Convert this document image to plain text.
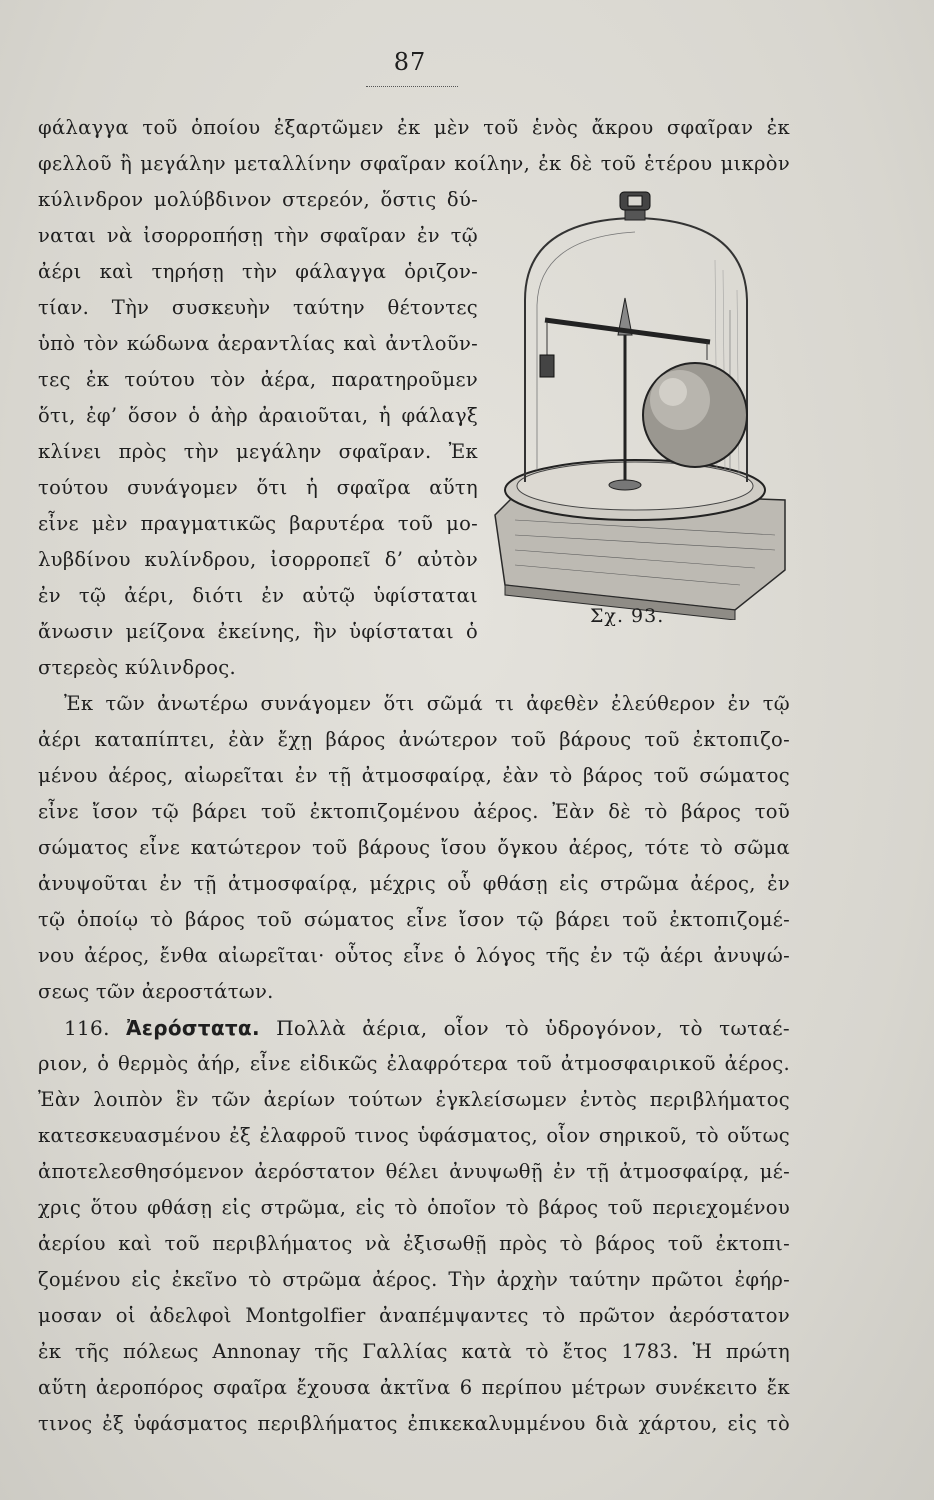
87
φάλαγγα τοῦ ὁποίου ἐξαρτῶμεν ἐκ μὲν τοῦ ἑνὸς ἄκρου σφαῖραν ἐκ
φελλοῦ ἢ μεγάλην μεταλλίνην σφαῖραν κοίλην, ἐκ δὲ τοῦ ἑτέρου μικρὸν
κύλινδρον μολύβδινον στερεόν, ὅστις δύ-
ναται νὰ ἰσορροπήσῃ τὴν σφαῖραν ἐν τῷ
ἀέρι καὶ τηρήσῃ τὴν φάλαγγα ὁριζον-
τίαν. Τὴν συσκευὴν ταύτην θέτοντες
ὑπὸ τὸν κώδωνα ἀεραντλίας καὶ ἀντλοῦν-
τες ἐκ τούτου τὸν ἀέρα, παρατηροῦμεν
ὅτι, ἐφ’ ὅσον ὁ ἀὴρ ἀραιοῦται, ἡ φάλαγξ
κλίνει πρὸς τὴν μεγάλην σφαῖραν. Ἐκ
τούτου συνάγομεν ὅτι ἡ σφαῖρα αὕτη
εἶνε μὲν πραγματικῶς βαρυτέρα τοῦ μο-
λυβδίνου κυλίνδρου, ἰσορροπεῖ δ’ αὐτὸν
ἐν τῷ ἀέρι, διότι ἐν αὐτῷ ὑφίσταται
ἄνωσιν μείζονα ἐκείνης, ἣν ὑφίσταται ὁ
στερεὸς κύλινδρος.
Σχ. 93.
Ἐκ τῶν ἀνωτέρω συνάγομεν ὅτι σῶμά τι ἀφεθὲν ἐλεύθερον ἐν τῷ
ἀέρι καταπίπτει, ἐὰν ἔχῃ βάρος ἀνώτερον τοῦ βάρους τοῦ ἐκτοπιζο-
μένου ἀέρος, αἰωρεῖται ἐν τῇ ἀτμοσφαίρᾳ, ἐὰν τὸ βάρος τοῦ σώματος
εἶνε ἴσον τῷ βάρει τοῦ ἐκτοπιζομένου ἀέρος. Ἐὰν δὲ τὸ βάρος τοῦ
σώματος εἶνε κατώτερον τοῦ βάρους ἴσου ὄγκου ἀέρος, τότε τὸ σῶμα
ἀνυψοῦται ἐν τῇ ἀτμοσφαίρᾳ, μέχρις οὗ φθάσῃ εἰς στρῶμα ἀέρος, ἐν
τῷ ὁποίῳ τὸ βάρος τοῦ σώματος εἶνε ἴσον τῷ βάρει τοῦ ἐκτοπιζομέ-
νου ἀέρος, ἔνθα αἰωρεῖται· οὗτος εἶνε ὁ λόγος τῆς ἐν τῷ ἀέρι ἀνυψώ-
σεως τῶν ἀεροστάτων.
116. Ἀερόστατα. Πολλὰ ἀέρια, οἷον τὸ ὑδρογόνον, τὸ τωταέ-
ριον, ὁ θερμὸς ἀήρ, εἶνε εἰδικῶς ἐλαφρότερα τοῦ ἀτμοσφαιρικοῦ ἀέρος.
Ἐὰν λοιπὸν ἓν τῶν ἀερίων τούτων ἐγκλείσωμεν ἐντὸς περιβλήματος
κατεσκευασμένου ἐξ ἐλαφροῦ τινος ὑφάσματος, οἷον σηρικοῦ, τὸ οὕτως
ἀποτελεσθησόμενον ἀερόστατον θέλει ἀνυψωθῇ ἐν τῇ ἀτμοσφαίρᾳ, μέ-
χρις ὅτου φθάσῃ εἰς στρῶμα, εἰς τὸ ὁποῖον τὸ βάρος τοῦ περιεχομένου
ἀερίου καὶ τοῦ περιβλήματος νὰ ἐξισωθῇ πρὸς τὸ βάρος τοῦ ἐκτοπι-
ζομένου εἰς ἐκεῖνο τὸ στρῶμα ἀέρος. Τὴν ἀρχὴν ταύτην πρῶτοι ἐφήρ-
μοσαν οἱ ἀδελφοὶ Montgolfier ἀναπέμψαντες τὸ πρῶτον ἀερόστατον
ἐκ τῆς πόλεως Annonay τῆς Γαλλίας κατὰ τὸ ἔτος 1783. Ἡ πρώτη
αὕτη ἀεροπόρος σφαῖρα ἔχουσα ἀκτῖνα 6 περίπου μέτρων συνέκειτο ἔκ
τινος ἐξ ὑφάσματος περιβλήματος ἐπικεκαλυμμένου διὰ χάρτου, εἰς τὸ
